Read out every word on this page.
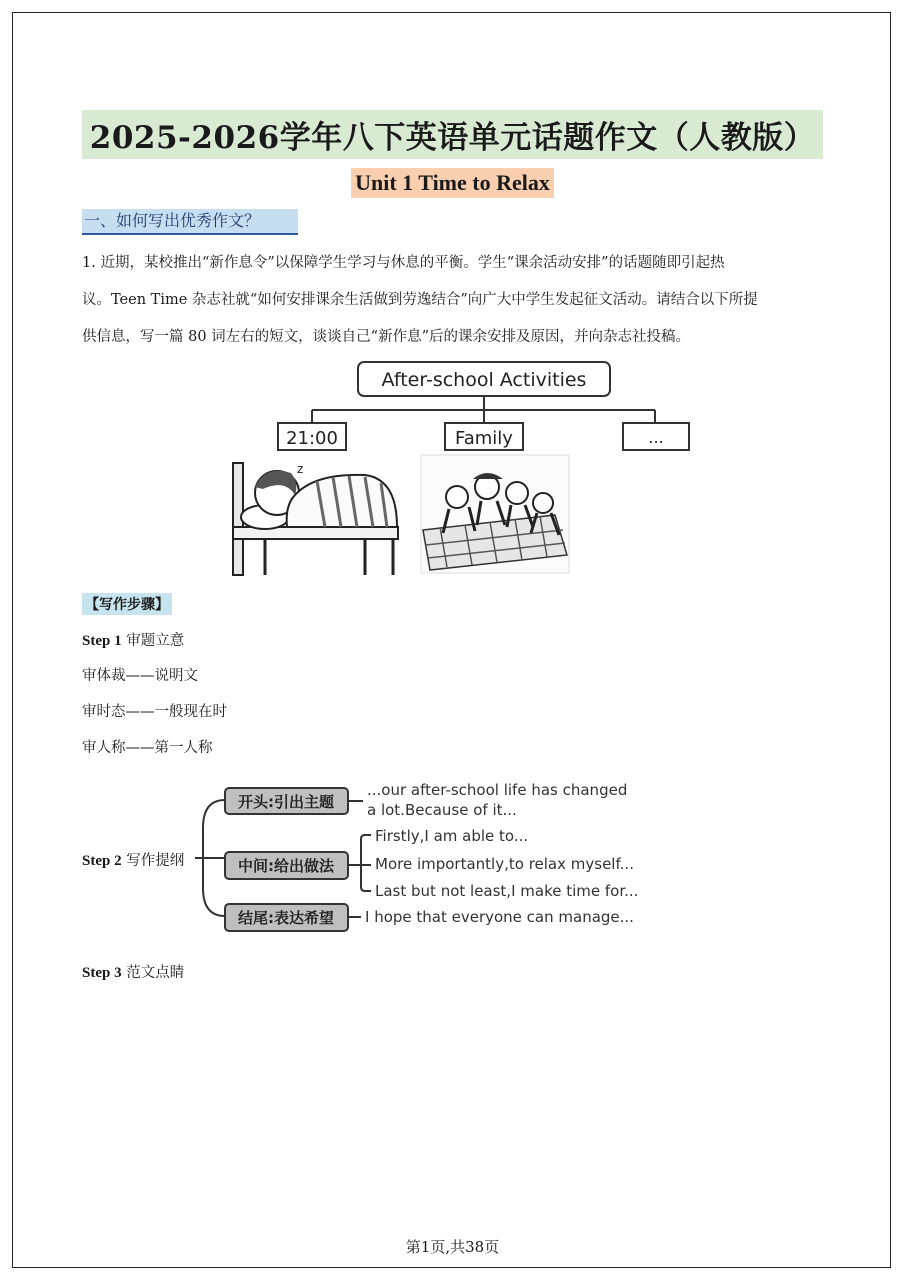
2025-2026学年八下英语单元话题作文（人教版）
Unit 1 Time to Relax
一、如何写出优秀作文？
1. 近期，某校推出“新作息令”以保障学生学习与休息的平衡。学生“课余活动安排”的话题随即引起热
议。Teen Time 杂志社就“如何安排课余生活做到劳逸结合”向广大中学生发起征文活动。请结合以下所提
供信息，写一篇 80 词左右的短文，谈谈自己“新作息”后的课余安排及原因，并向杂志社投稿。
After-school Activities
21:00	Family	...
z
【写作步骤】
Step 1 审题立意
审体裁——说明文
审时态——一般现在时
审人称——第一人称
Step 2 写作提纲
开头:引出主题
...our after-school life has changed
a lot.Because of it...
中间:给出做法
Firstly,I am able to...
More importantly,to relax myself...
Last but not least,I make time for...
结尾:表达希望 I hope that everyone can manage...
Step 3 范文点睛
第1页,共38页
